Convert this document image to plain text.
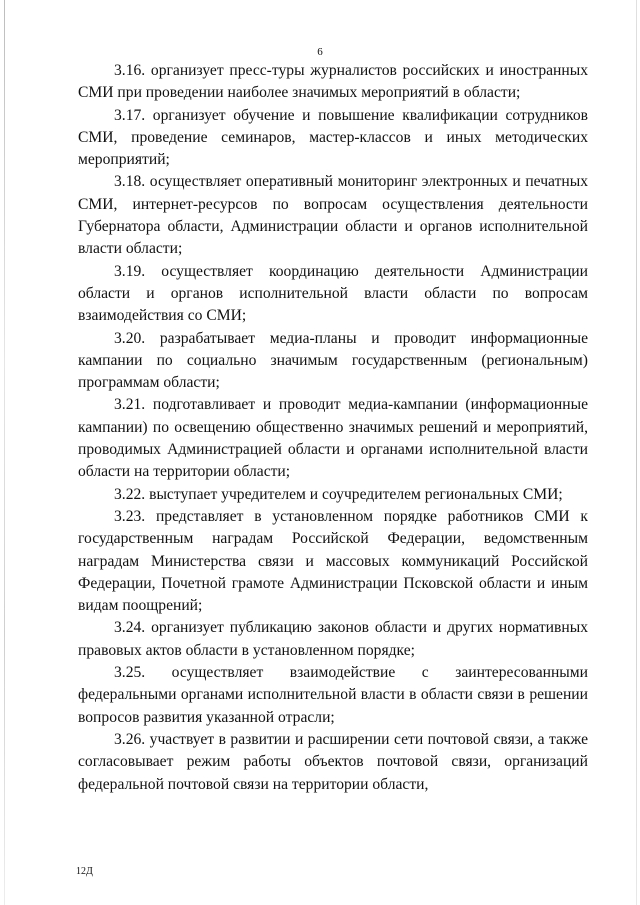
6

3.16. организует пресс-туры журналистов российских и иностранных СМИ при проведении наиболее значимых мероприятий в области;

3.17. организует обучение и повышение квалификации сотрудников СМИ, проведение семинаров, мастер-классов и иных методических мероприятий;

3.18. осуществляет оперативный мониторинг электронных и печатных СМИ, интернет-ресурсов по вопросам осуществления деятельности Губернатора области, Администрации области и органов исполнительной власти области;

3.19. осуществляет координацию деятельности Администрации области и органов исполнительной власти области по вопросам взаимодействия со СМИ;

3.20. разрабатывает медиа-планы и проводит информационные кампании по социально значимым государственным (региональным) программам области;

3.21. подготавливает и проводит медиа-кампании (информационные кампании) по освещению общественно значимых решений и мероприятий, проводимых Администрацией области и органами исполнительной власти области на территории области;

3.22. выступает учредителем и соучредителем региональных СМИ;

3.23. представляет в установленном порядке работников СМИ к государственным наградам Российской Федерации, ведомственным наградам Министерства связи и массовых коммуникаций Российской Федерации, Почетной грамоте Администрации Псковской области и иным видам поощрений;

3.24. организует публикацию законов области и других нормативных правовых актов области в установленном порядке;

3.25. осуществляет взаимодействие с заинтересованными федеральными органами исполнительной власти в области связи в решении вопросов развития указанной отрасли;

3.26. участвует в развитии и расширении сети почтовой связи, а также согласовывает режим работы объектов почтовой связи, организаций федеральной почтовой связи на территории области,

12Д
